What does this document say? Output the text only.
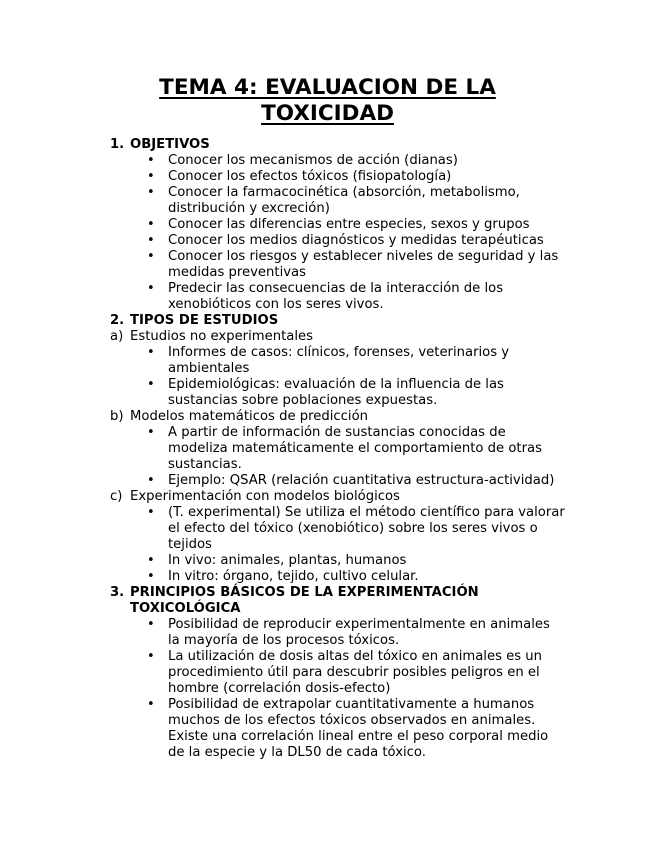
TEMA 4: EVALUACION DE LA
TOXICIDAD
1. OBJETIVOS
•	Conocer los mecanismos de acción (dianas)
•	Conocer los efectos tóxicos (fisiopatología)
•	Conocer la farmacocinética (absorción, metabolismo, distribución y excreción)
•	Conocer las diferencias entre especies, sexos y grupos
•	Conocer los medios diagnósticos y medidas terapéuticas
•	Conocer los riesgos y establecer niveles de seguridad y las medidas preventivas
•	Predecir las consecuencias de la interacción de los xenobióticos con los seres vivos.
2. TIPOS DE ESTUDIOS
a) Estudios no experimentales
•	Informes de casos: clínicos, forenses, veterinarios y ambientales
•	Epidemiológicas: evaluación de la influencia de las sustancias sobre poblaciones expuestas.
b) Modelos matemáticos de predicción
•	A partir de información de sustancias conocidas de modeliza matemáticamente el comportamiento de otras sustancias.
•	Ejemplo: QSAR (relación cuantitativa estructura-actividad)
c) Experimentación con modelos biológicos
•	(T. experimental) Se utiliza el método científico para valorar el efecto del tóxico (xenobiótico) sobre los seres vivos o tejidos
•	In vivo: animales, plantas, humanos
•	In vitro: órgano, tejido, cultivo celular.
3. PRINCIPIOS BÁSICOS DE LA EXPERIMENTACIÓN TOXICOLÓGICA
•	Posibilidad de reproducir experimentalmente en animales la mayoría de los procesos tóxicos.
•	La utilización de dosis altas del tóxico en animales es un procedimiento útil para descubrir posibles peligros en el hombre (correlación dosis-efecto)
•	Posibilidad de extrapolar cuantitativamente a humanos muchos de los efectos tóxicos observados en animales. Existe una correlación lineal entre el peso corporal medio de la especie y la DL50 de cada tóxico.
